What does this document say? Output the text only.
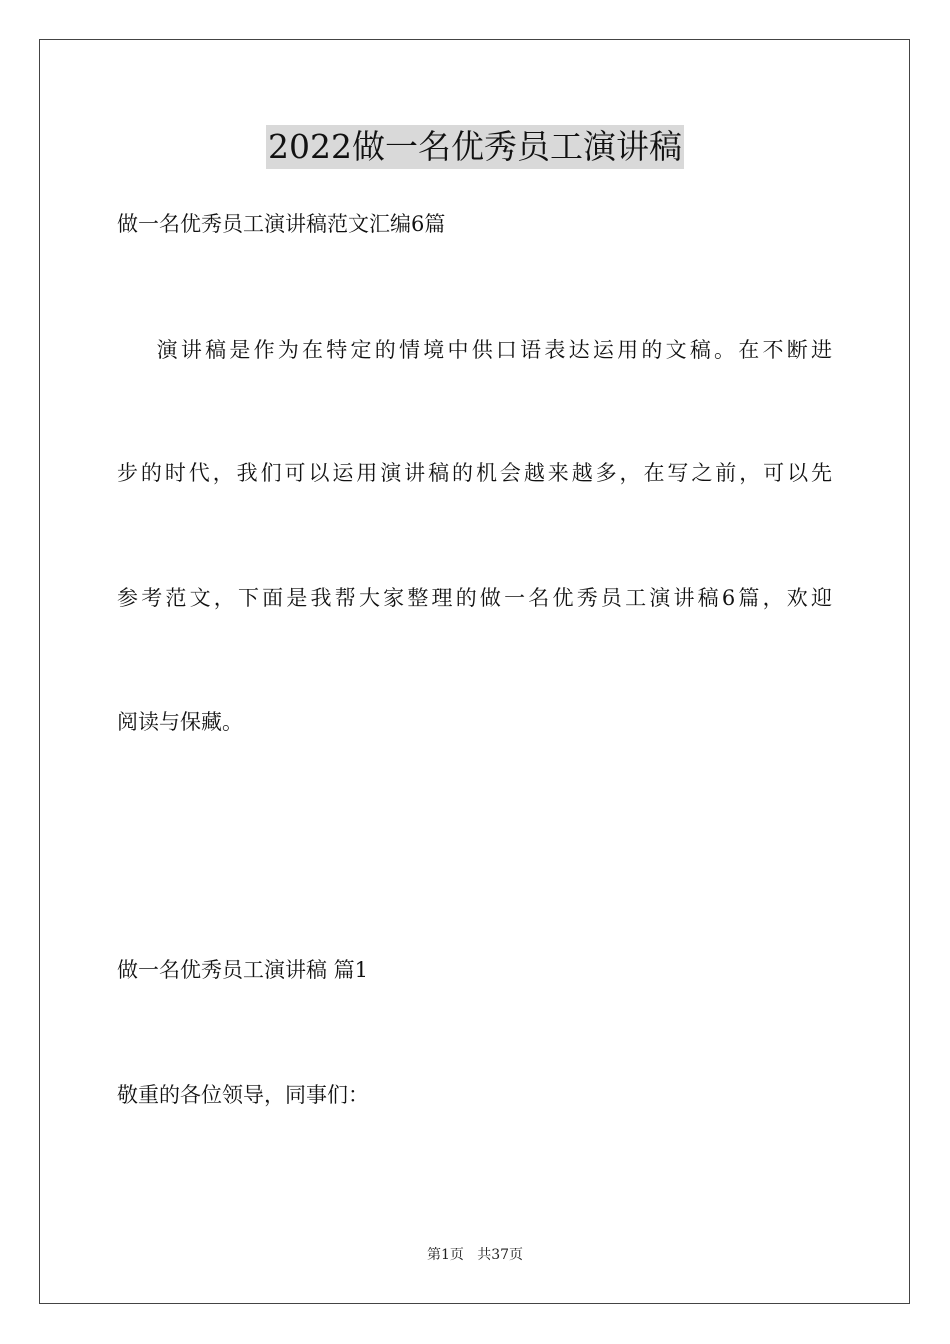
2022做一名优秀员工演讲稿
做一名优秀员工演讲稿范文汇编6篇
演讲稿是作为在特定的情境中供口语表达运用的文稿。在不断进
步的时代，我们可以运用演讲稿的机会越来越多，在写之前，可以先
参考范文，下面是我帮大家整理的做一名优秀员工演讲稿6篇，欢迎
阅读与保藏。
做一名优秀员工演讲稿 篇1
敬重的各位领导，同事们：
第1页   共37页
